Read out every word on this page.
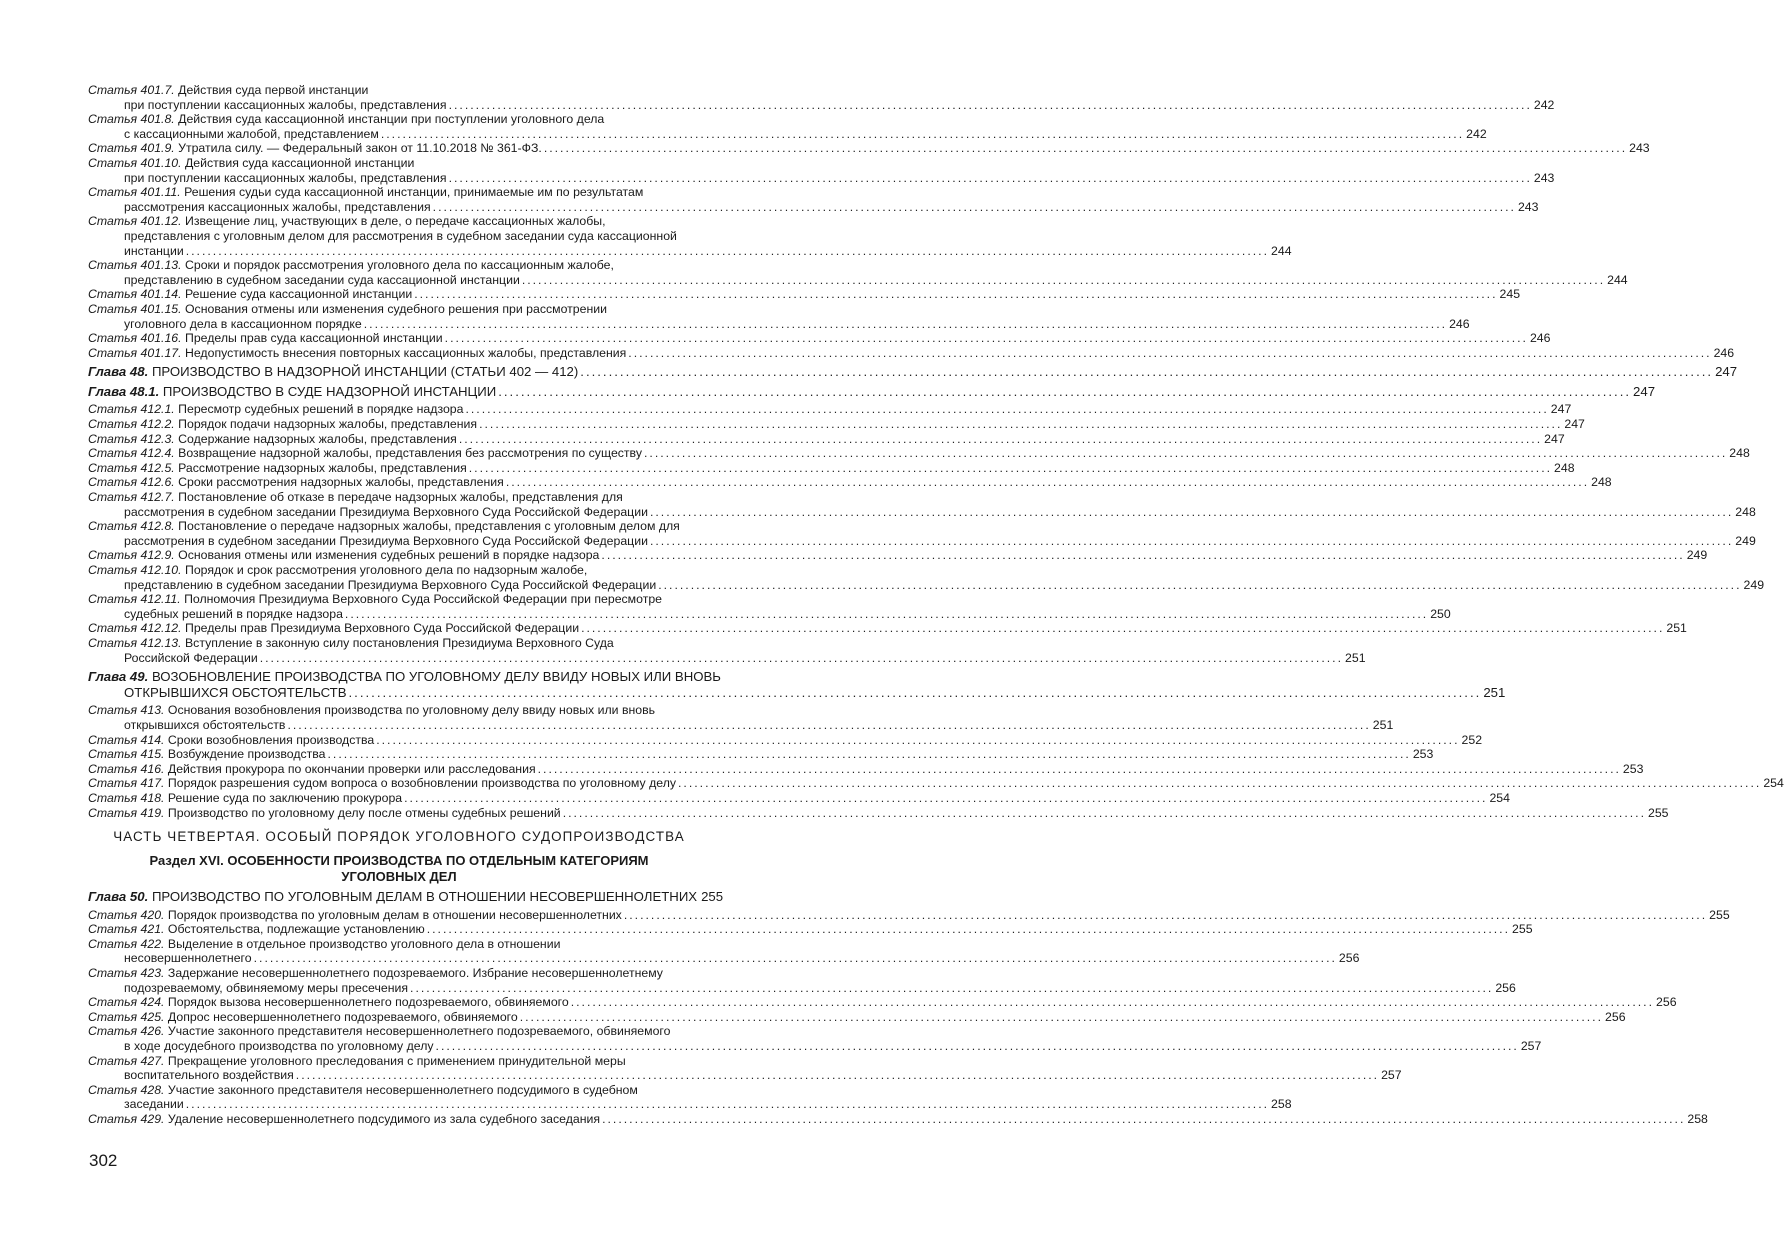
Статья 401.7. Действия суда первой инстанции
при поступлении кассационных жалобы, представления ........................................................................................................................................................................................................ 242
Статья 401.8. Действия суда кассационной инстанции при поступлении уголовного дела
с кассационными жалобой, представлением ........................................................................................................................................................................................................ 242
Статья 401.9. Утратила силу. — Федеральный закон от 11.10.2018 № 361-ФЗ. ........................................................................................................................................................................................................ 243
Статья 401.10. Действия суда кассационной инстанции
при поступлении кассационных жалобы, представления ........................................................................................................................................................................................................ 243
Статья 401.11. Решения судьи суда кассационной инстанции, принимаемые им по результатам
рассмотрения кассационных жалобы, представления ........................................................................................................................................................................................................ 243
Статья 401.12. Извещение лиц, участвующих в деле, о передаче кассационных жалобы,
представления с уголовным делом для рассмотрения в судебном заседании суда кассационной
инстанции ........................................................................................................................................................................................................ 244
Статья 401.13. Сроки и порядок рассмотрения уголовного дела по кассационным жалобе,
представлению в судебном заседании суда кассационной инстанции ........................................................................................................................................................................................................ 244
Статья 401.14. Решение суда кассационной инстанции ........................................................................................................................................................................................................ 245
Статья 401.15. Основания отмены или изменения судебного решения при рассмотрении
уголовного дела в кассационном порядке ........................................................................................................................................................................................................ 246
Статья 401.16. Пределы прав суда кассационной инстанции ........................................................................................................................................................................................................ 246
Статья 401.17. Недопустимость внесения повторных кассационных жалобы, представления ........................................................................................................................................................................................................ 246
Глава 48. ПРОИЗВОДСТВО В НАДЗОРНОЙ ИНСТАНЦИИ (СТАТЬИ 402 — 412) ........................................................................................................................................................................................................ 247
Глава 48.1. ПРОИЗВОДСТВО В СУДЕ НАДЗОРНОЙ ИНСТАНЦИИ ........................................................................................................................................................................................................ 247
Статья 412.1. Пересмотр судебных решений в порядке надзора ........................................................................................................................................................................................................ 247
Статья 412.2. Порядок подачи надзорных жалобы, представления ........................................................................................................................................................................................................ 247
Статья 412.3. Содержание надзорных жалобы, представления ........................................................................................................................................................................................................ 247
Статья 412.4. Возвращение надзорной жалобы, представления без рассмотрения по существу ........................................................................................................................................................................................................ 248
Статья 412.5. Рассмотрение надзорных жалобы, представления ........................................................................................................................................................................................................ 248
Статья 412.6. Сроки рассмотрения надзорных жалобы, представления ........................................................................................................................................................................................................ 248
Статья 412.7. Постановление об отказе в передаче надзорных жалобы, представления для
рассмотрения в судебном заседании Президиума Верховного Суда Российской Федерации ........................................................................................................................................................................................................ 248
Статья 412.8. Постановление о передаче надзорных жалобы, представления с уголовным делом для
рассмотрения в судебном заседании Президиума Верховного Суда Российской Федерации ........................................................................................................................................................................................................ 249
Статья 412.9. Основания отмены или изменения судебных решений в порядке надзора ........................................................................................................................................................................................................ 249
Статья 412.10. Порядок и срок рассмотрения уголовного дела по надзорным жалобе,
представлению в судебном заседании Президиума Верховного Суда Российской Федерации ........................................................................................................................................................................................................ 249
Статья 412.11. Полномочия Президиума Верховного Суда Российской Федерации при пересмотре
судебных решений в порядке надзора ........................................................................................................................................................................................................ 250
Статья 412.12. Пределы прав Президиума Верховного Суда Российской Федерации ........................................................................................................................................................................................................ 251
Статья 412.13. Вступление в законную силу постановления Президиума Верховного Суда
Российской Федерации ........................................................................................................................................................................................................ 251
Глава 49. ВОЗОБНОВЛЕНИЕ ПРОИЗВОДСТВА ПО УГОЛОВНОМУ ДЕЛУ ВВИДУ НОВЫХ ИЛИ ВНОВЬ
ОТКРЫВШИХСЯ ОБСТОЯТЕЛЬСТВ ........................................................................................................................................................................................................ 251
Статья 413. Основания возобновления производства по уголовному делу ввиду новых или вновь
открывшихся обстоятельств ........................................................................................................................................................................................................ 251
Статья 414. Сроки возобновления производства ........................................................................................................................................................................................................ 252
Статья 415. Возбуждение производства ........................................................................................................................................................................................................ 253
Статья 416. Действия прокурора по окончании проверки или расследования ........................................................................................................................................................................................................ 253
Статья 417. Порядок разрешения судом вопроса о возобновлении производства по уголовному делу ........................................................................................................................................................................................................ 254
Статья 418. Решение суда по заключению прокурора ........................................................................................................................................................................................................ 254
Статья 419. Производство по уголовному делу после отмены судебных решений ........................................................................................................................................................................................................ 255
ЧАСТЬ ЧЕТВЕРТАЯ. ОСОБЫЙ ПОРЯДОК УГОЛОВНОГО СУДОПРОИЗВОДСТВА
Раздел XVI. ОСОБЕННОСТИ ПРОИЗВОДСТВА ПО ОТДЕЛЬНЫМ КАТЕГОРИЯМ
УГОЛОВНЫХ ДЕЛ
Глава 50. ПРОИЗВОДСТВО ПО УГОЛОВНЫМ ДЕЛАМ В ОТНОШЕНИИ НЕСОВЕРШЕННОЛЕТНИХ 255
Статья 420. Порядок производства по уголовным делам в отношении несовершеннолетних ........................................................................................................................................................................................................ 255
Статья 421. Обстоятельства, подлежащие установлению ........................................................................................................................................................................................................ 255
Статья 422. Выделение в отдельное производство уголовного дела в отношении
несовершеннолетнего ........................................................................................................................................................................................................ 256
Статья 423. Задержание несовершеннолетнего подозреваемого. Избрание несовершеннолетнему
подозреваемому, обвиняемому меры пресечения ........................................................................................................................................................................................................ 256
Статья 424. Порядок вызова несовершеннолетнего подозреваемого, обвиняемого ........................................................................................................................................................................................................ 256
Статья 425. Допрос несовершеннолетнего подозреваемого, обвиняемого ........................................................................................................................................................................................................ 256
Статья 426. Участие законного представителя несовершеннолетнего подозреваемого, обвиняемого
в ходе досудебного производства по уголовному делу ........................................................................................................................................................................................................ 257
Статья 427. Прекращение уголовного преследования с применением принудительной меры
воспитательного воздействия ........................................................................................................................................................................................................ 257
Статья 428. Участие законного представителя несовершеннолетнего подсудимого в судебном
заседании ........................................................................................................................................................................................................ 258
Статья 429. Удаление несовершеннолетнего подсудимого из зала судебного заседания ........................................................................................................................................................................................................ 258
302
